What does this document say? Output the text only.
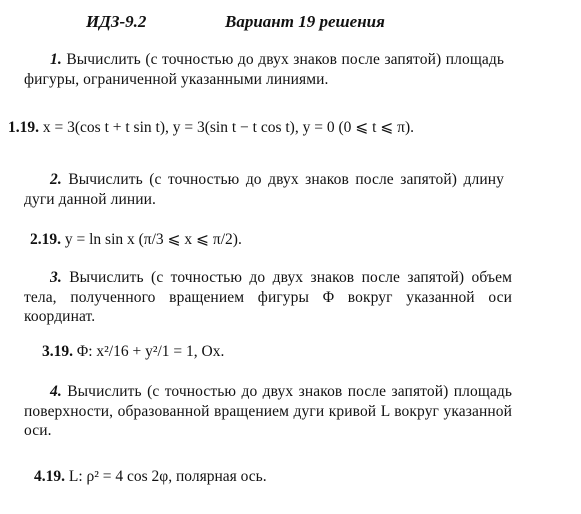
ИДЗ-9.2	Вариант 19 решения
1. Вычислить (с точностью до двух знаков после запятой) площадь фигуры, ограниченной указанными линиями.
1.19. x = 3(cos t + t sin t), y = 3(sin t − t cos t), y = 0 (0 ⩽ t ⩽ π).
2. Вычислить (с точностью до двух знаков после запятой) длину дуги данной линии.
2.19. y = ln sin x (π/3 ⩽ x ⩽ π/2).
3. Вычислить (с точностью до двух знаков после запятой) объем тела, полученного вращением фигуры Φ вокруг указанной оси координат.
3.19. Φ: x²/16 + y²/1 = 1, Ox.
4. Вычислить (с точностью до двух знаков после запятой) площадь поверхности, образованной вращением дуги кривой L вокруг указанной оси.
4.19. L: ρ² = 4 cos 2φ, полярная ось.
